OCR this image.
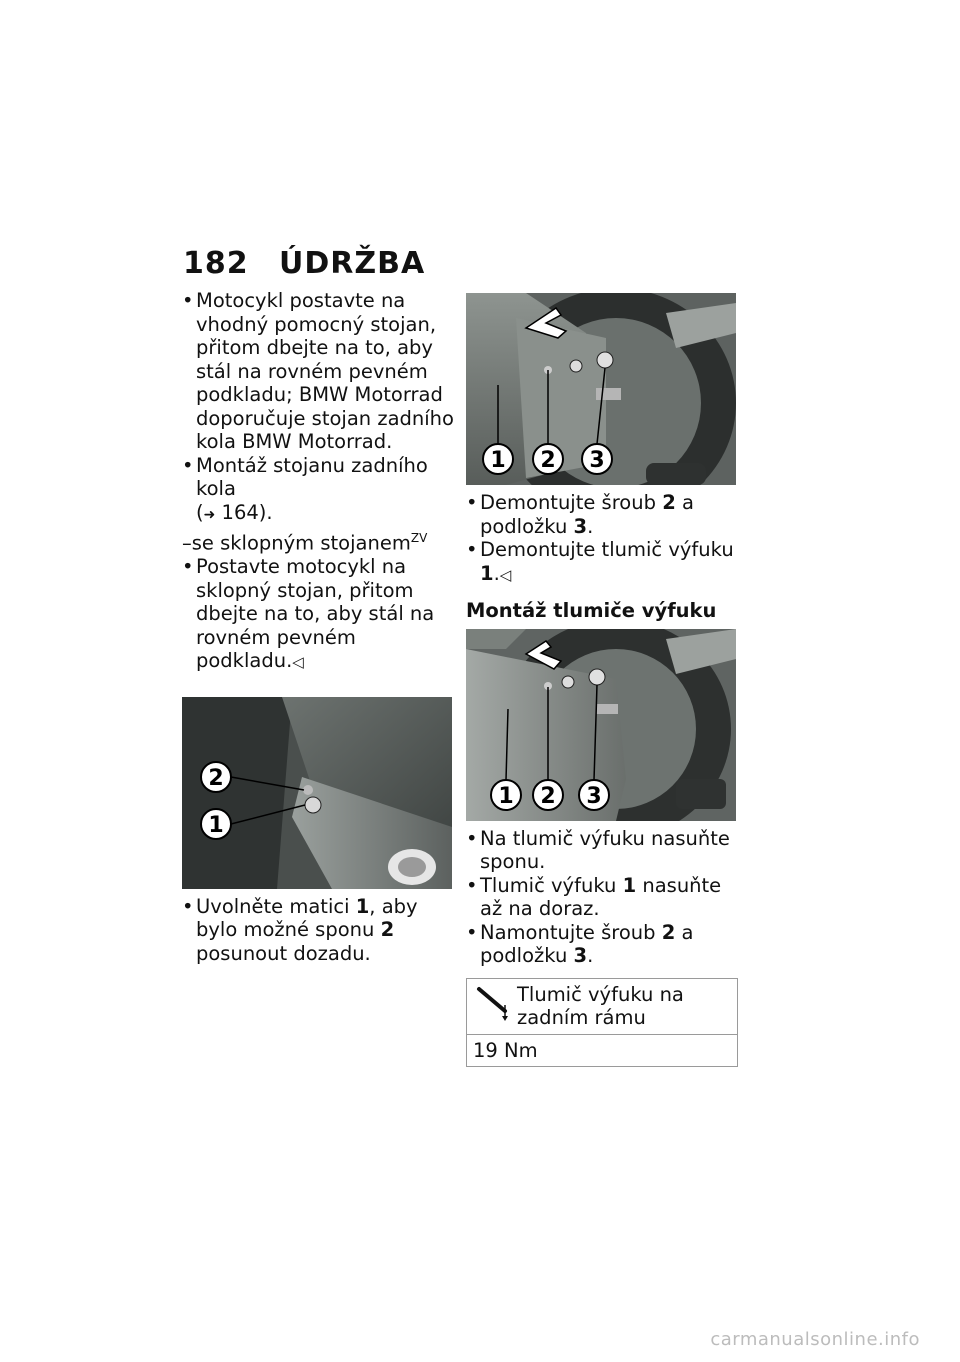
182 ÚDRŽBA
• Motocykl postavte na vhodný pomocný stojan, přitom dbejte na to, aby stál na rovném pevném podkladu; BMW Motorrad doporučuje stojan zadního kola BMW Motorrad.
• Montáž stojanu zadního kola
(➜ 164).
–se sklopným stojanem$^{ZV}$
• Postavte motocykl na sklopný stojan, přitom dbejte na to, aby stál na rovném pevném podkladu.◁
2
1
• Uvolněte matici 1, aby bylo možné sponu 2 posunout dozadu.
1 2 3
• Demontujte šroub 2 a podložku 3.
• Demontujte tlumič výfuku 1.◁
Montáž tlumiče výfuku
1 2 3
• Na tlumič výfuku nasuňte sponu.
• Tlumič výfuku 1 nasuňte až na doraz.
• Namontujte šroub 2 a podložku 3.
Tlumič výfuku na zadním rámu
19 Nm
carmanualsonline.info
